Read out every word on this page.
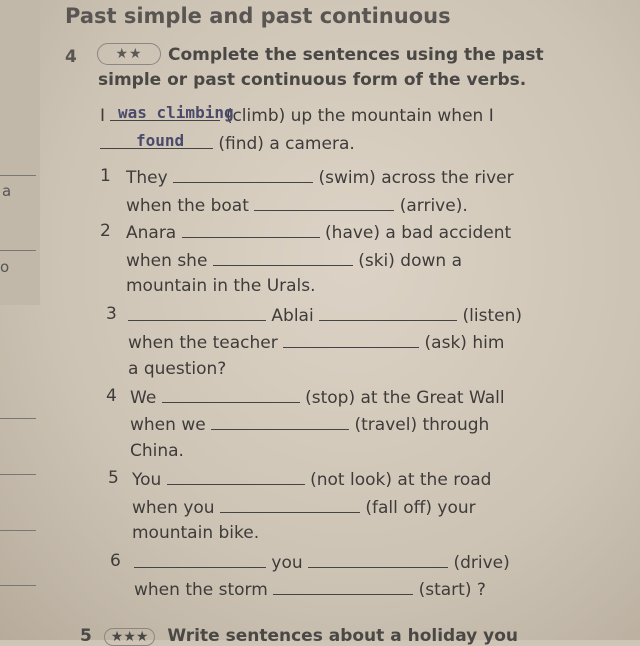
a
o
Past simple and past continuous
4	★★	Complete the sentences using the past
simple or past continuous form of the verbs.
I	(climb) up the mountain when I
was climbing
(find) a camera.
found
1 They	(swim) across the river
when the boat	(arrive).
2 Anara	(have) a bad accident
when she	(ski) down a
mountain in the Urals.
3	Ablai	(listen)
when the teacher	(ask) him
a question?
4 We	(stop) at the Great Wall
when we	(travel) through
China.
5 You	(not look) at the road
when you	(fall off) your
mountain bike.
6	you	(drive)
when the storm	(start) ?
5 ★★★ Write sentences about a holiday you
